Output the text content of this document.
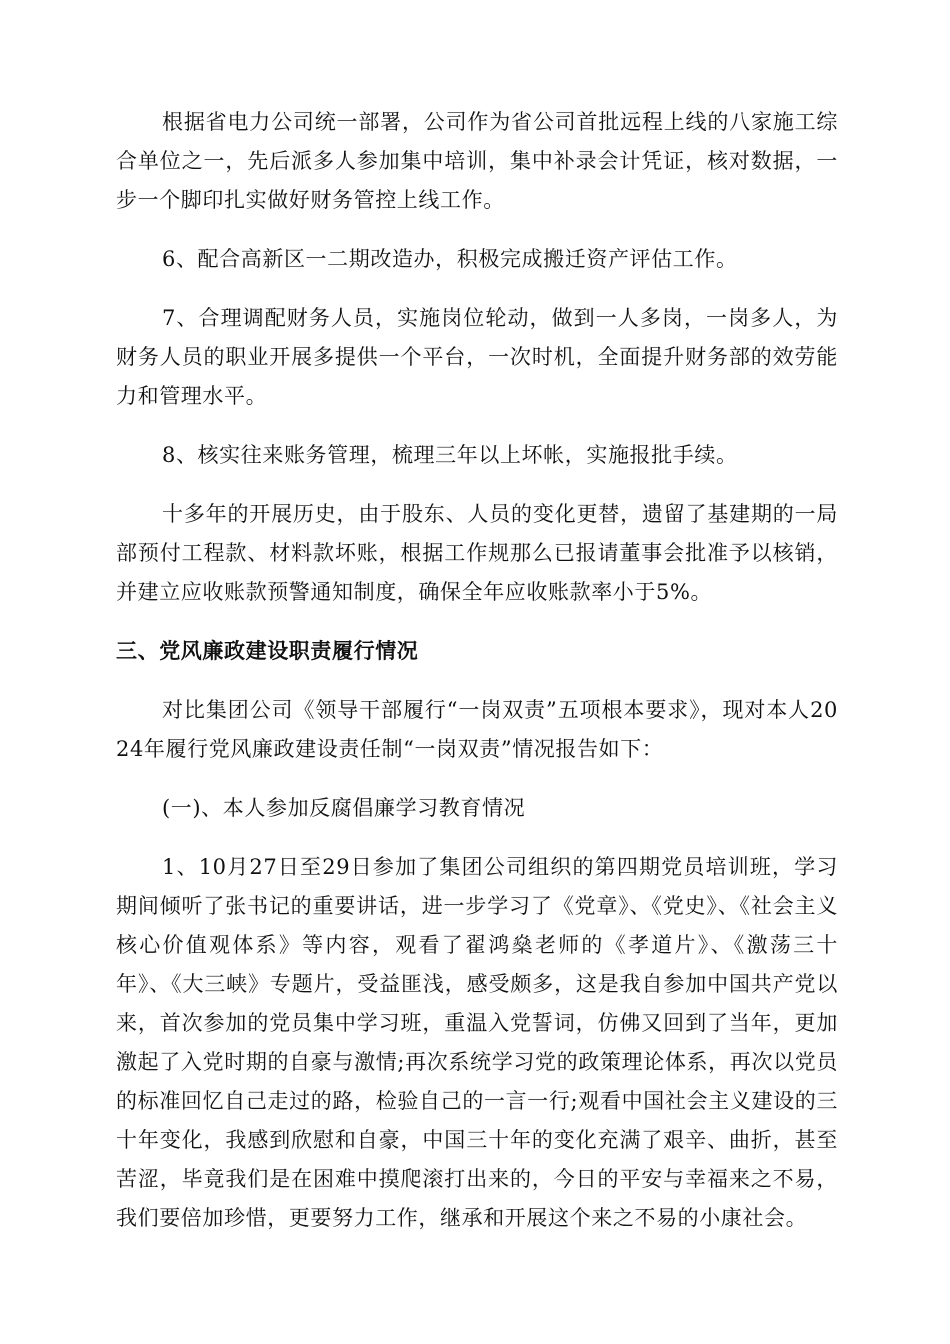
根据省电力公司统一部署，公司作为省公司首批远程上线的八家施工综合单位之一，先后派多人参加集中培训，集中补录会计凭证，核对数据，一步一个脚印扎实做好财务管控上线工作。

6、配合高新区一二期改造办，积极完成搬迁资产评估工作。

7、合理调配财务人员，实施岗位轮动，做到一人多岗，一岗多人，为财务人员的职业开展多提供一个平台，一次时机，全面提升财务部的效劳能力和管理水平。

8、核实往来账务管理，梳理三年以上坏帐，实施报批手续。

十多年的开展历史，由于股东、人员的变化更替，遗留了基建期的一局部预付工程款、材料款坏账，根据工作规那么已报请董事会批准予以核销，并建立应收账款预警通知制度，确保全年应收账款率小于5%。

三、党风廉政建设职责履行情况

对比集团公司《领导干部履行“一岗双责”五项根本要求》，现对本人2024年履行党风廉政建设责任制“一岗双责”情况报告如下：

(一)、本人参加反腐倡廉学习教育情况

1、10月27日至29日参加了集团公司组织的第四期党员培训班，学习期间倾听了张书记的重要讲话，进一步学习了《党章》、《党史》、《社会主义核心价值观体系》等内容，观看了翟鸿燊老师的《孝道片》、《激荡三十年》、《大三峡》专题片，受益匪浅，感受颇多，这是我自参加中国共产党以来，首次参加的党员集中学习班，重温入党誓词，仿佛又回到了当年，更加激起了入党时期的自豪与激情;再次系统学习党的政策理论体系，再次以党员的标准回忆自己走过的路，检验自己的一言一行;观看中国社会主义建设的三十年变化，我感到欣慰和自豪，中国三十年的变化充满了艰辛、曲折，甚至苦涩，毕竟我们是在困难中摸爬滚打出来的，今日的平安与幸福来之不易，我们要倍加珍惜，更要努力工作，继承和开展这个来之不易的小康社会。
